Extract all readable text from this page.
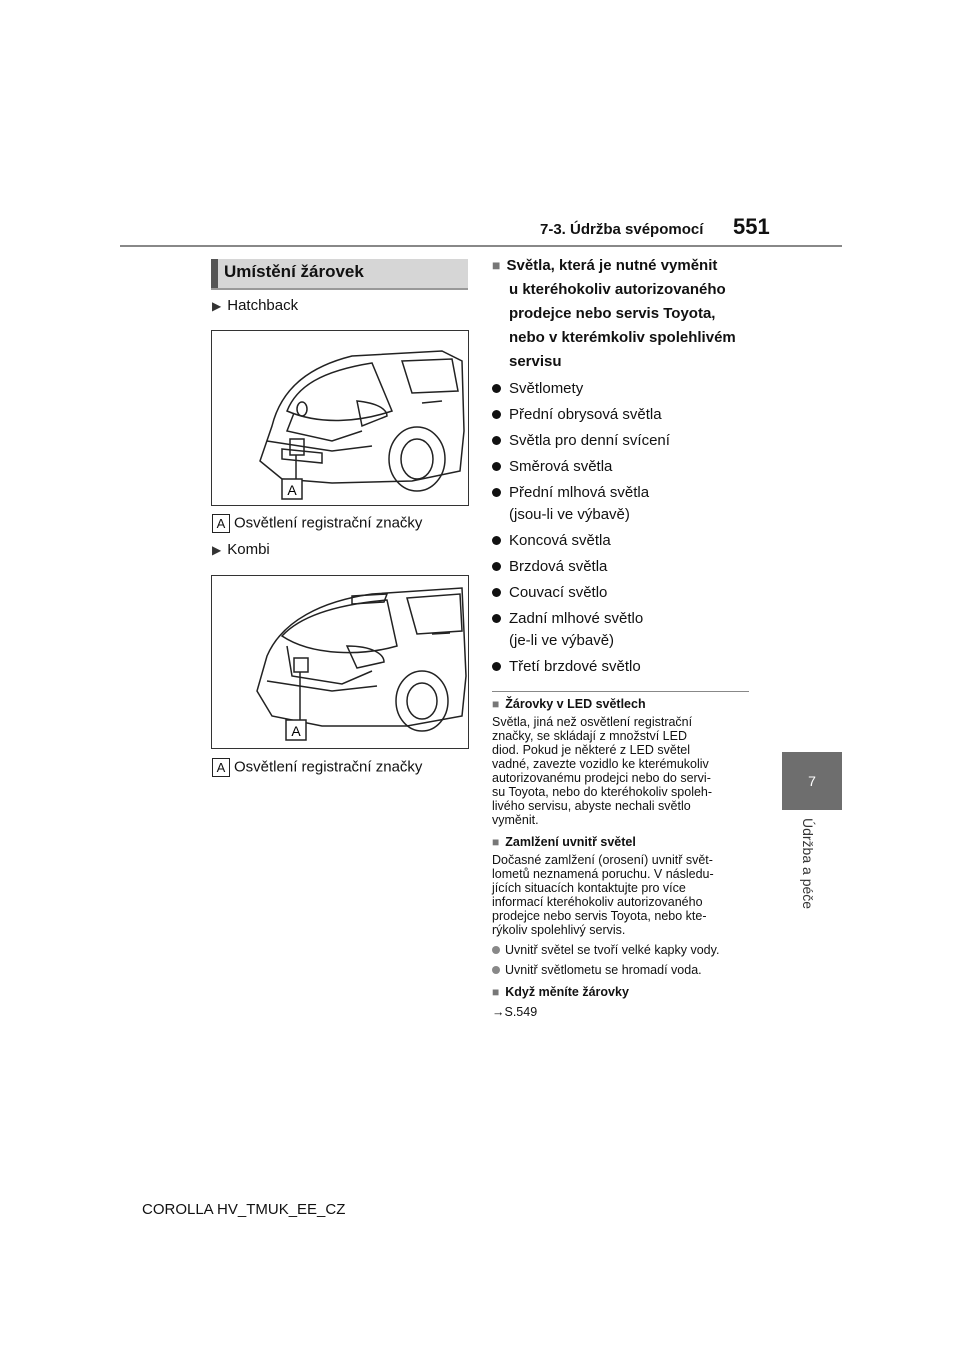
7-3. Údržba svépomocí 551
7
Údržba a péče
Umístění žárovek
▶ Hatchback
A
A Osvětlení registrační značky
▶ Kombi
A
A Osvětlení registrační značky
■ Světla, která je nutné vyměnit
u kteréhokoliv autorizovaného
prodejce nebo servis Toyota,
nebo v kterémkoliv spolehlivém
servisu
Světlomety
Přední obrysová světla
Světla pro denní svícení
Směrová světla
Přední mlhová světla
(jsou-li ve výbavě)
Koncová světla
Brzdová světla
Couvací světlo
Zadní mlhové světlo
(je-li ve výbavě)
Třetí brzdové světlo
■ Žárovky v LED světlech
Světla, jiná než osvětlení registrační
značky, se skládají z množství LED
diod. Pokud je některé z LED světel
vadné, zavezte vozidlo ke kterémukoliv
autorizovanému prodejci nebo do servi-
su Toyota, nebo do kteréhokoliv spoleh-
livého servisu, abyste nechali světlo
vyměnit.
■ Zamlžení uvnitř světel
Dočasné zamlžení (orosení) uvnitř svět-
lometů neznamená poruchu. V následu-
jících situacích kontaktujte pro více
informací kteréhokoliv autorizovaného
prodejce nebo servis Toyota, nebo kte-
rýkoliv spolehlivý servis.
Uvnitř světel se tvoří velké kapky vody.
Uvnitř světlometu se hromadí voda.
■ Když měníte žárovky
→S.549
COROLLA HV_TMUK_EE_CZ
